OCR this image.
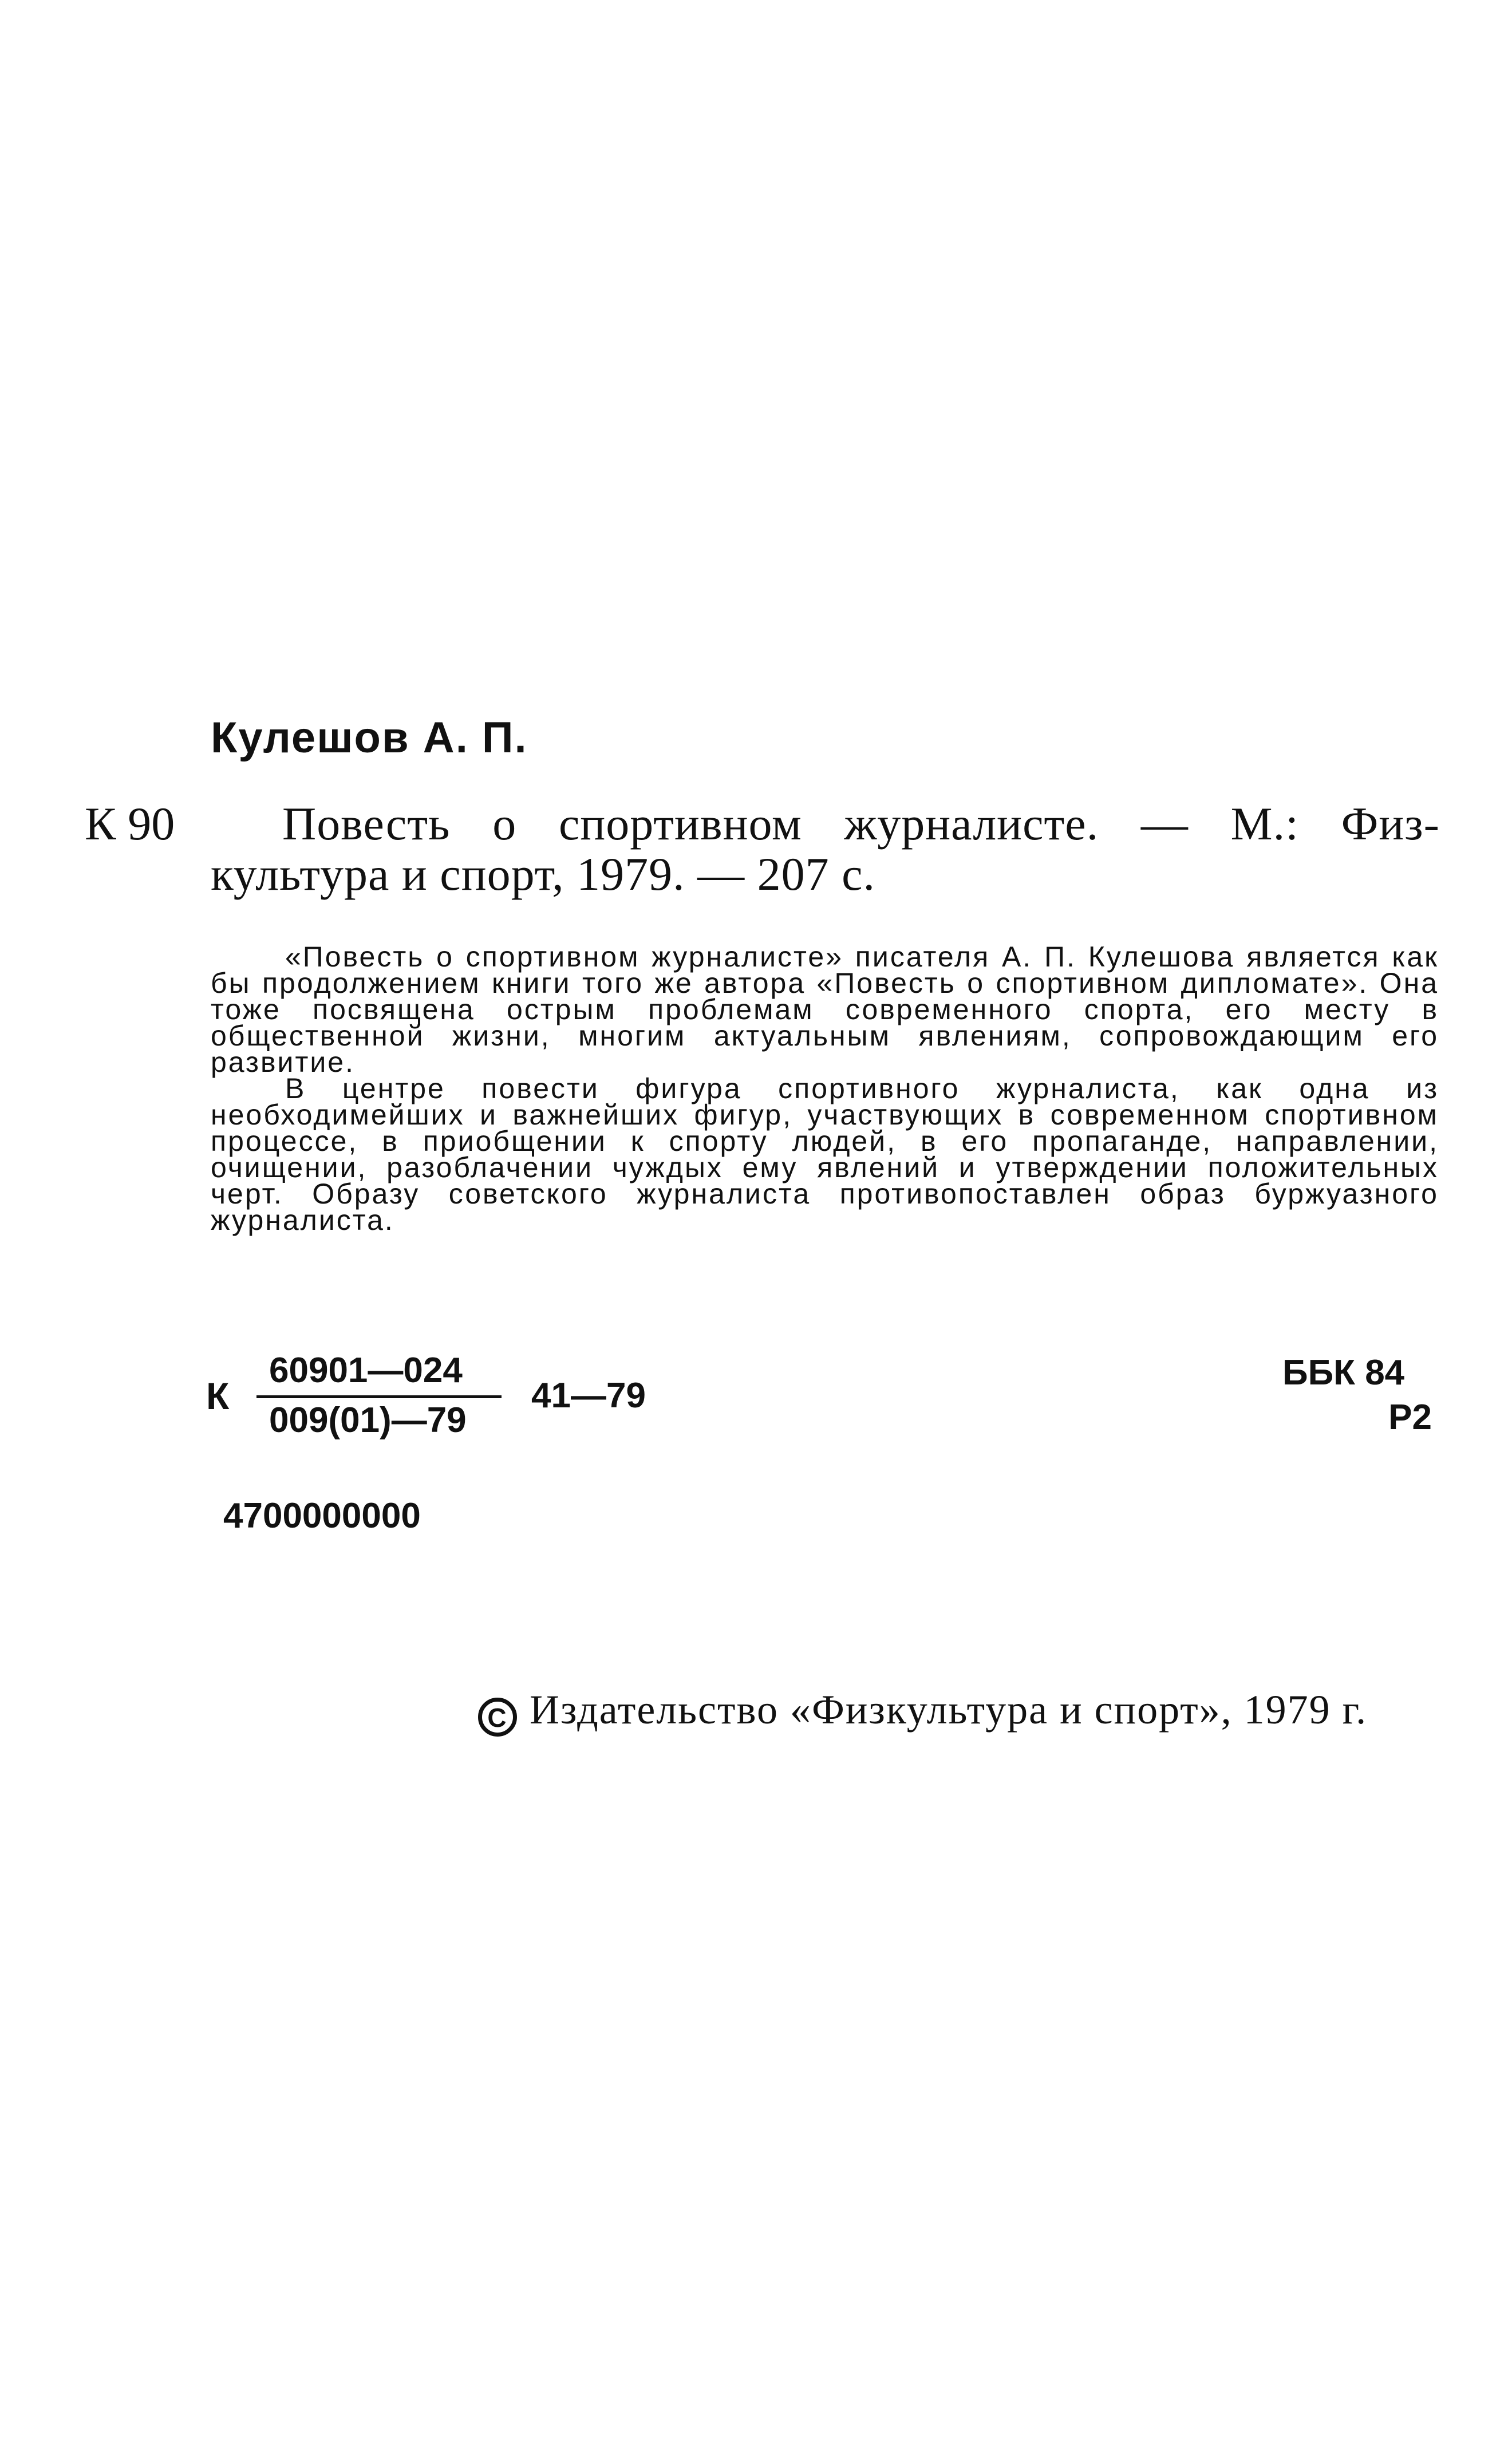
Кулешов А. П.
К 90 Повесть о спортивном журналисте. — М.: Физ-
культура и спорт, 1979. — 207 с.

«Повесть о спортивном журналисте» писателя А. П. Кулешова является как бы продолжением книги того же автора «Повесть о спортивном дипломате». Она тоже посвящена острым проблемам современного спорта, его месту в общественной жизни, многим актуальным явлениям, сопровождающим его развитие.

В центре повести фигура спортивного журналиста, как одна из необходимейших и важнейших фигур, участвующих в современном спортивном процессе, в приобщении к спорту людей, в его пропаганде, направлении, очищении, разоблачении чуждых ему явлений и утверждении положительных черт. Образу советского журналиста противопоставлен образ буржуазного журналиста.

К
60901—024
009(01)—79
41—79
ББК 84
Р2
4700000000
C Издательство «Физкультура и спорт», 1979 г.
